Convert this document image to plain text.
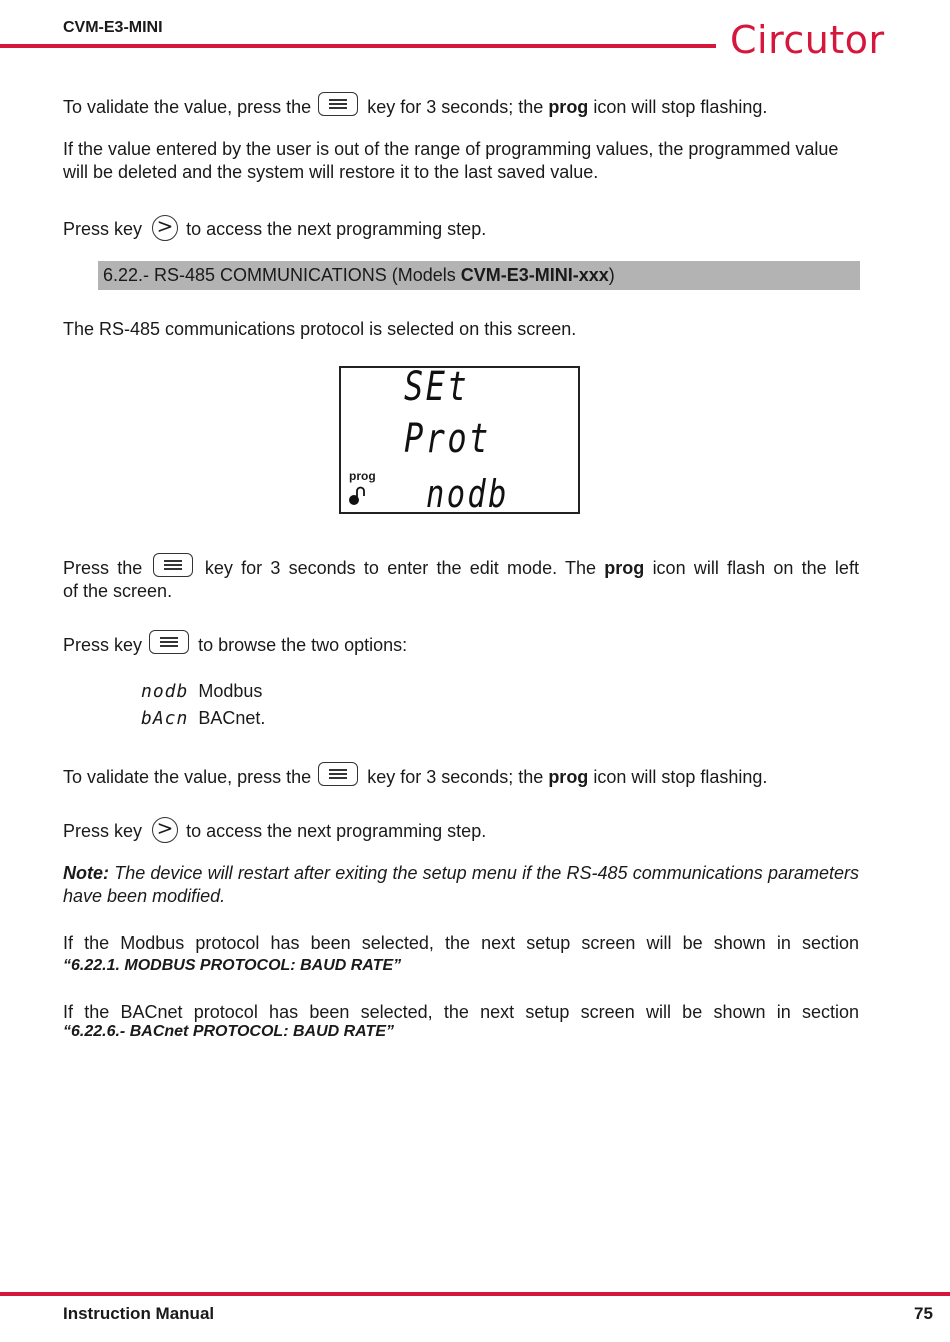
CVM-E3-MINI	Circutor
To validate the value, press the	key for 3 seconds; the prog icon will stop flashing.
If the value entered by the user is out of the range of programming values, the programmed value will be deleted and the system will restore it to the last saved value.
Press key > to access the next programming step.
6.22.- RS-485 COMMUNICATIONS (Models CVM-E3-MINI-xxx)
The RS-485 communications protocol is selected on this screen.
SEt
Prot
nodb
prog
Press the	key for 3 seconds to enter the edit mode. The prog icon will flash on the left
of the screen.
Press key	to browse the two options:
nodb Modbus
bAcn BACnet.
To validate the value, press the	key for 3 seconds; the prog icon will stop flashing.
Press key > to access the next programming step.
Note: The device will restart after exiting the setup menu if the RS-485 communications parameters have been modified.
If the Modbus protocol has been selected, the next setup screen will be shown in section
“6.22.1. MODBUS PROTOCOL: BAUD RATE”
If the BACnet protocol has been selected, the next setup screen will be shown in section
“6.22.6.- BACnet PROTOCOL: BAUD RATE”
Instruction Manual	75
